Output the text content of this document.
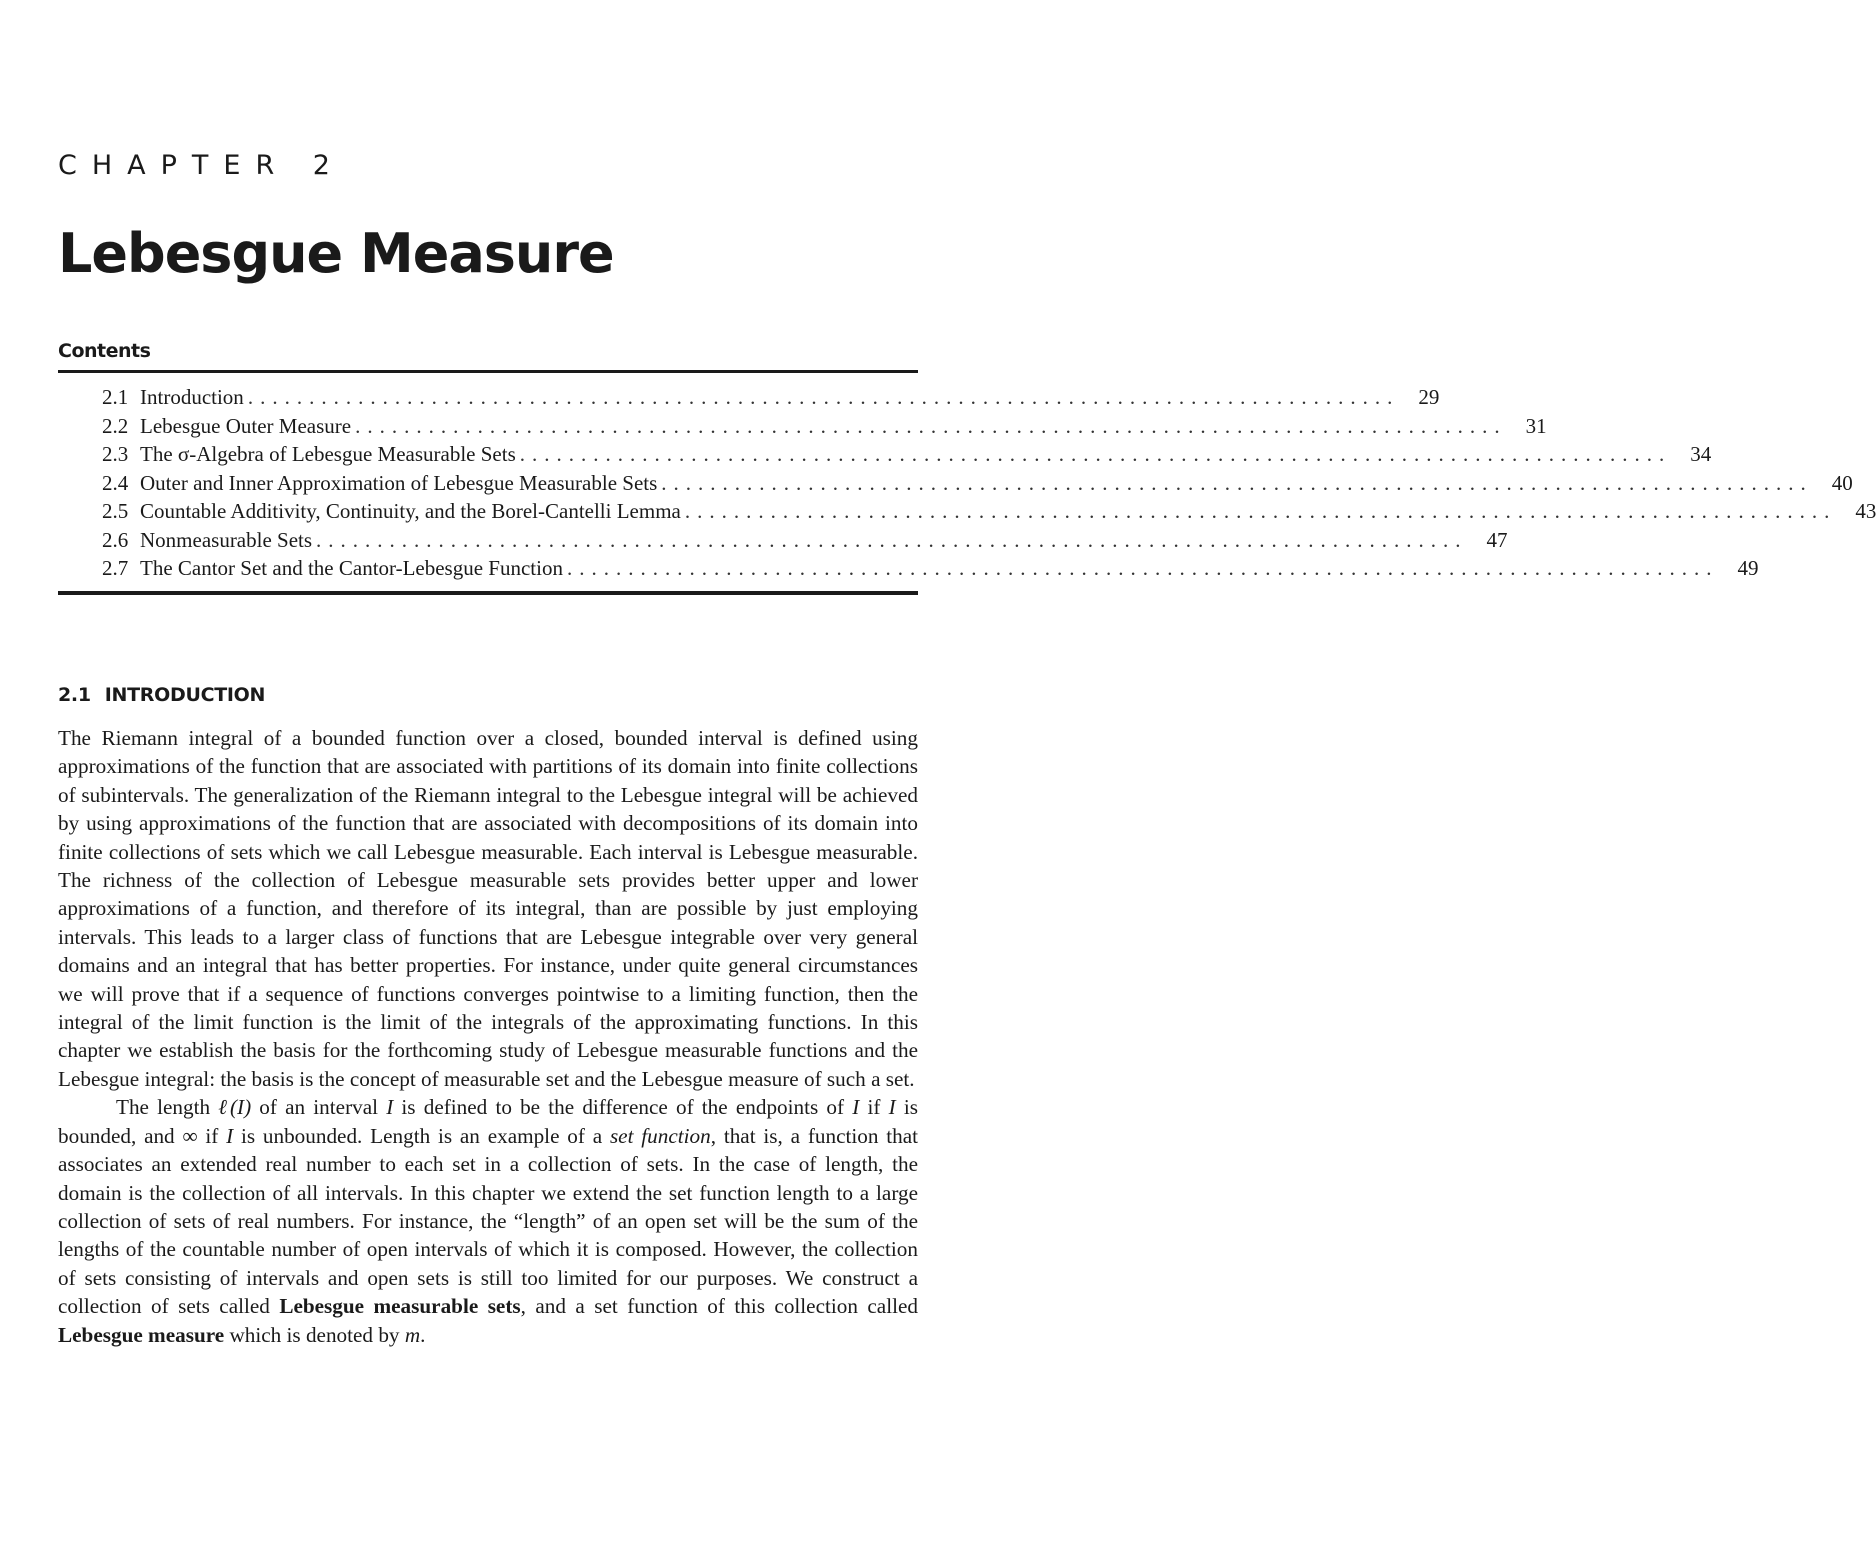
CHAPTER 2
Lebesgue Measure
Contents
2.1 Introduction .............................................................................................. 29
2.2 Lebesgue Outer Measure .............................................................................................. 31
2.3 The σ-Algebra of Lebesgue Measurable Sets .............................................................................................. 34
2.4 Outer and Inner Approximation of Lebesgue Measurable Sets .............................................................................................. 40
2.5 Countable Additivity, Continuity, and the Borel-Cantelli Lemma .............................................................................................. 43
2.6 Nonmeasurable Sets .............................................................................................. 47
2.7 The Cantor Set and the Cantor-Lebesgue Function .............................................................................................. 49
2.1 INTRODUCTION

The Riemann integral of a bounded function over a closed, bounded interval is defined using approximations of the function that are associated with partitions of its domain into finite collections of subintervals. The generalization of the Riemann integral to the Lebesgue integral will be achieved by using approximations of the function that are associated with decompositions of its domain into finite collections of sets which we call Lebesgue measurable. Each interval is Lebesgue measurable. The richness of the collection of Lebesgue measurable sets provides better upper and lower approximations of a function, and therefore of its integral, than are possible by just employing intervals. This leads to a larger class of functions that are Lebesgue integrable over very general domains and an integral that has better properties. For instance, under quite general circumstances we will prove that if a sequence of functions converges pointwise to a limiting function, then the integral of the limit function is the limit of the integrals of the approximating functions. In this chapter we establish the basis for the forthcoming study of Lebesgue measurable functions and the Lebesgue integral: the basis is the concept of measurable set and the Lebesgue measure of such a set.

The length ℓ(I) of an interval I is defined to be the difference of the endpoints of I if I is bounded, and ∞ if I is unbounded. Length is an example of a set function, that is, a function that associates an extended real number to each set in a collection of sets. In the case of length, the domain is the collection of all intervals. In this chapter we extend the set function length to a large collection of sets of real numbers. For instance, the “length” of an open set will be the sum of the lengths of the countable number of open intervals of which it is composed. However, the collection of sets consisting of intervals and open sets is still too limited for our purposes. We construct a collection of sets called Lebesgue measurable sets, and a set function of this collection called Lebesgue measure which is denoted by m.
